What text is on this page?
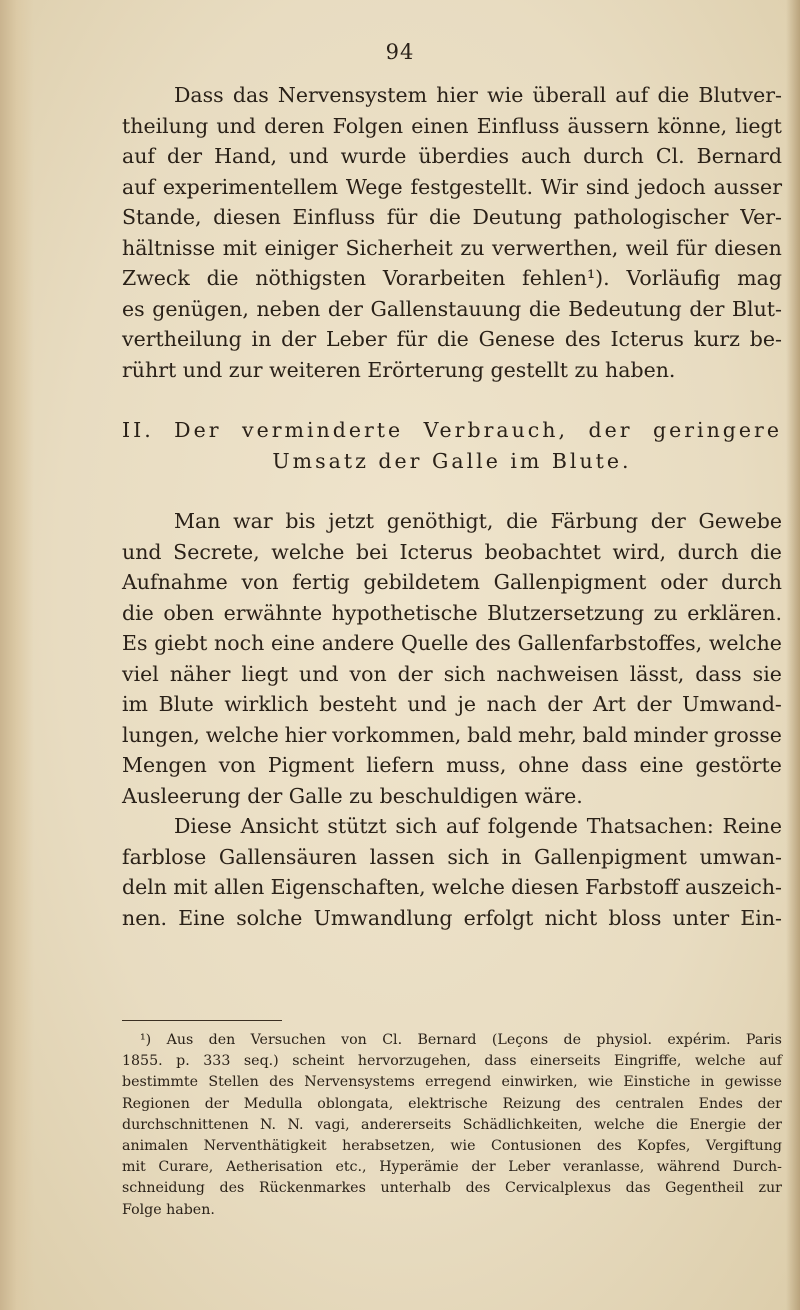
94
Dass das Nervensystem hier wie überall auf die Blutver-
theilung und deren Folgen einen Einfluss äussern könne, liegt
auf der Hand, und wurde überdies auch durch Cl. Bernard
auf experimentellem Wege festgestellt. Wir sind jedoch ausser
Stande, diesen Einfluss für die Deutung pathologischer Ver-
hältnisse mit einiger Sicherheit zu verwerthen, weil für diesen
Zweck die nöthigsten Vorarbeiten fehlen¹). Vorläufig mag
es genügen, neben der Gallenstauung die Bedeutung der Blut-
vertheilung in der Leber für die Genese des Icterus kurz be-
rührt und zur weiteren Erörterung gestellt zu haben.
II. Der verminderte Verbrauch, der geringere
Umsatz der Galle im Blute.
Man war bis jetzt genöthigt, die Färbung der Gewebe
und Secrete, welche bei Icterus beobachtet wird, durch die
Aufnahme von fertig gebildetem Gallenpigment oder durch
die oben erwähnte hypothetische Blutzersetzung zu erklären.
Es giebt noch eine andere Quelle des Gallenfarbstoffes, welche
viel näher liegt und von der sich nachweisen lässt, dass sie
im Blute wirklich besteht und je nach der Art der Umwand-
lungen, welche hier vorkommen, bald mehr, bald minder grosse
Mengen von Pigment liefern muss, ohne dass eine gestörte
Ausleerung der Galle zu beschuldigen wäre.
Diese Ansicht stützt sich auf folgende Thatsachen: Reine
farblose Gallensäuren lassen sich in Gallenpigment umwan-
deln mit allen Eigenschaften, welche diesen Farbstoff auszeich-
nen. Eine solche Umwandlung erfolgt nicht bloss unter Ein-
¹) Aus den Versuchen von Cl. Bernard (Leçons de physiol. expérim. Paris
1855. p. 333 seq.) scheint hervorzugehen, dass einerseits Eingriffe, welche auf
bestimmte Stellen des Nervensystems erregend einwirken, wie Einstiche in gewisse
Regionen der Medulla oblongata, elektrische Reizung des centralen Endes der
durchschnittenen N. N. vagi, andererseits Schädlichkeiten, welche die Energie der
animalen Nerventhätigkeit herabsetzen, wie Contusionen des Kopfes, Vergiftung
mit Curare, Aetherisation etc., Hyperämie der Leber veranlasse, während Durch-
schneidung des Rückenmarkes unterhalb des Cervicalplexus das Gegentheil zur
Folge haben.
